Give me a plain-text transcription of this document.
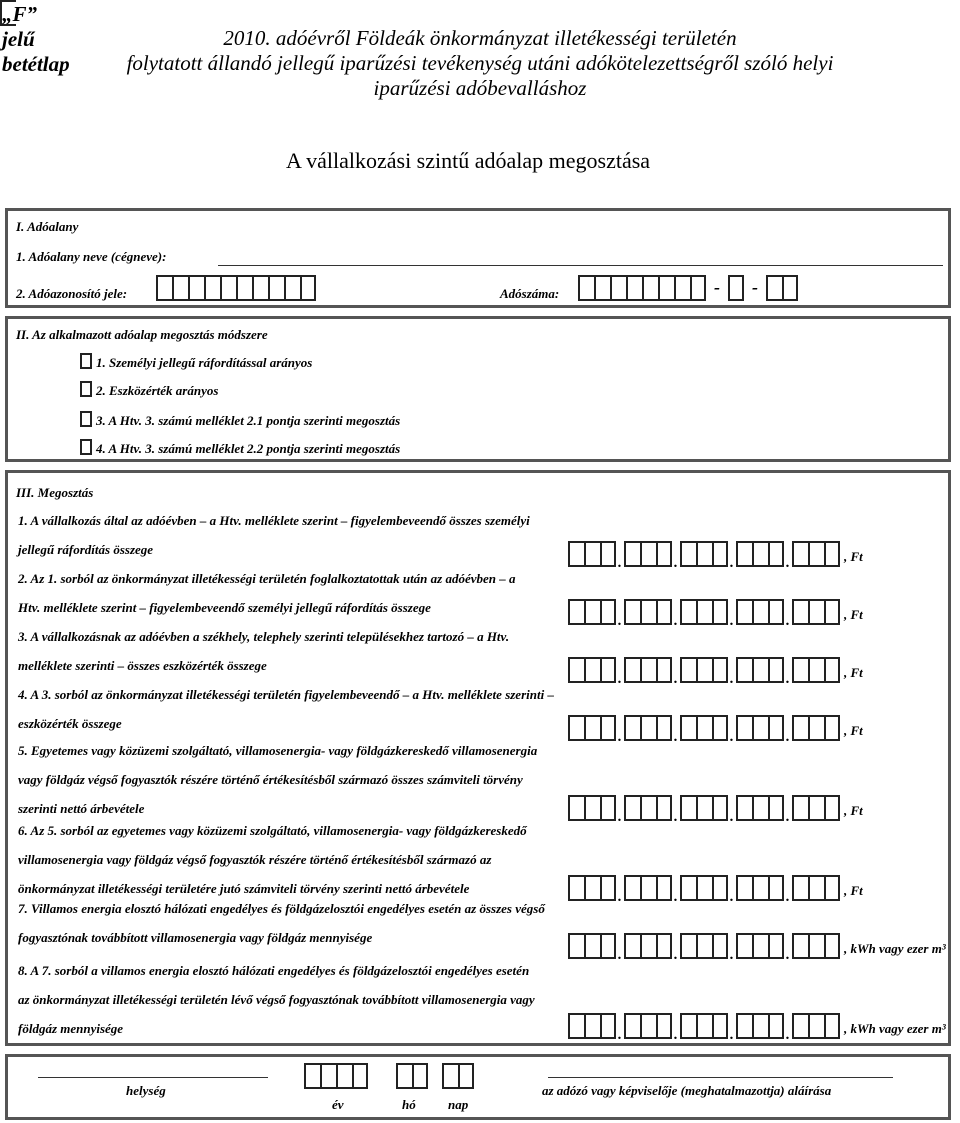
„F” jelű betétlap
2010. adóévről Földeák önkormányzat illetékességi területén
folytatott állandó jellegű iparűzési tevékenység utáni adókötelezettségről szóló helyi
iparűzési adóbevalláshoz
A vállalkozási szintű adóalap megosztása
I. Adóalany
1. Adóalany neve (cégneve):
2. Adóazonosító jele:	Adószáma:	-	-
II. Az alkalmazott adóalap megosztás módszere
1. Személyi jellegű ráfordítással arányos
2. Eszközérték arányos
3. A Htv. 3. számú melléklet 2.1 pontja szerinti megosztás
4. A Htv. 3. számú melléklet 2.2 pontja szerinti megosztás
III. Megosztás
1. A vállalkozás által az adóévben – a Htv. melléklete szerint – figyelembeveendő összes személyi
jellegű ráfordítás összege
.	.	.	.	, Ft
2. Az 1. sorból az önkormányzat illetékességi területén foglalkoztatottak után az adóévben – a
Htv. melléklete szerint – figyelembeveendő személyi jellegű ráfordítás összege
.	.	.	.	, Ft
3. A vállalkozásnak az adóévben a székhely, telephely szerinti településekhez tartozó – a Htv.
melléklete szerinti – összes eszközérték összege
.	.	.	.	, Ft
4. A 3. sorból az önkormányzat illetékességi területén figyelembeveendő – a Htv. melléklete szerinti –
eszközérték összege
.	.	.	.	, Ft
5. Egyetemes vagy közüzemi szolgáltató, villamosenergia- vagy földgázkereskedő villamosenergia
vagy földgáz végső fogyasztók részére történő értékesítésből származó összes számviteli törvény
szerinti nettó árbevétele
.	.	.	.	, Ft
6. Az 5. sorból az egyetemes vagy közüzemi szolgáltató, villamosenergia- vagy földgázkereskedő
villamosenergia vagy földgáz végső fogyasztók részére történő értékesítésből származó az
önkormányzat illetékességi területére jutó számviteli törvény szerinti nettó árbevétele
.	.	.	.	, Ft
7. Villamos energia elosztó hálózati engedélyes és földgázelosztói engedélyes esetén az összes végső
fogyasztónak továbbított villamosenergia vagy földgáz mennyisége
.	.	.	.	, kWh vagy ezer m³
8. A 7. sorból a villamos energia elosztó hálózati engedélyes és földgázelosztói engedélyes esetén
az önkormányzat illetékességi területén lévő végső fogyasztónak továbbított villamosenergia vagy
földgáz mennyisége	.	.	.	.	, kWh vagy ezer m³
helység
év	hó nap
az adózó vagy képviselője (meghatalmazottja) aláírása
